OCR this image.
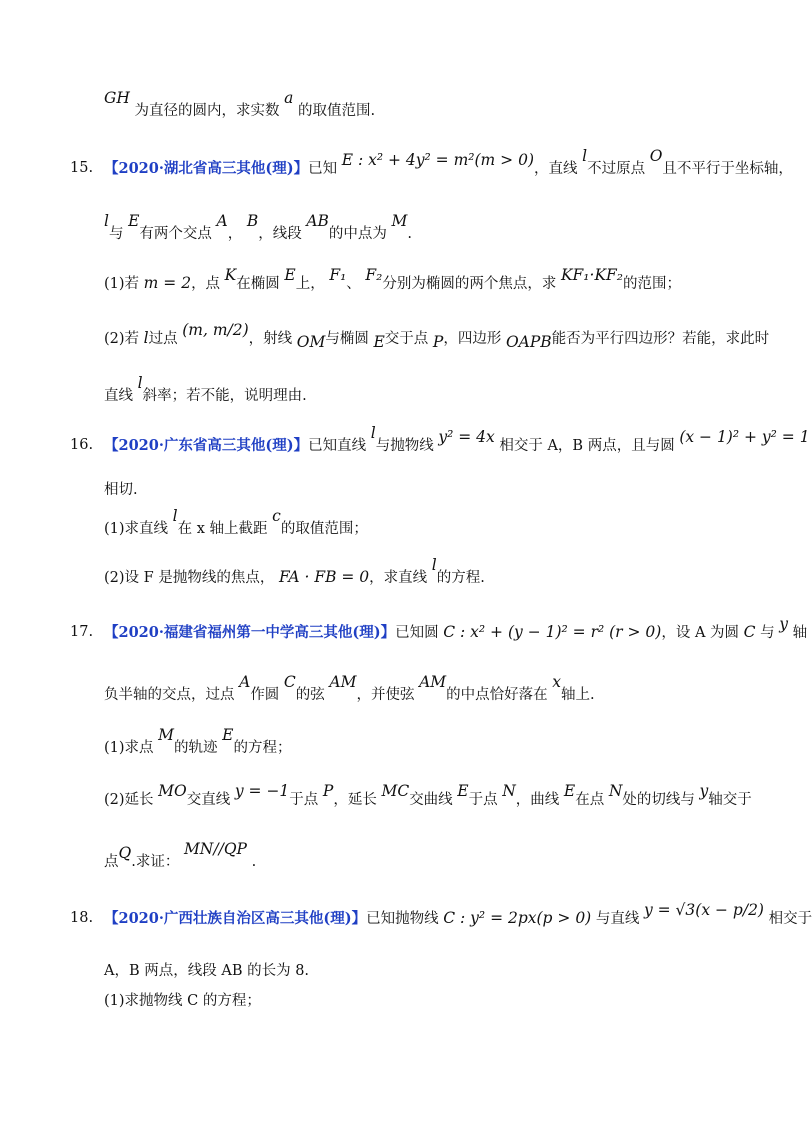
GH 为直径的圆内，求实数 a 的取值范围.
15. 【2020·湖北省高三其他(理)】已知 E : x² + 4y² = m²(m > 0)，直线 l不过原点 O且不平行于坐标轴，
l与 E有两个交点 A， B，线段 AB的中点为 M.
(1)若 m = 2，点 K在椭圆 E上， F₁、 F₂分别为椭圆的两个焦点，求 KF₁·KF₂的范围；
(2)若 l过点 (m, m/2)，射线 OM与椭圆 E交于点 P，四边形 OAPB能否为平行四边形？若能，求此时
直线 l斜率；若不能，说明理由.
16. 【2020·广东省高三其他(理)】已知直线 l与抛物线 y² = 4x 相交于 A，B 两点，且与圆 (x − 1)² + y² = 1
相切.
(1)求直线 l在 x 轴上截距 c的取值范围；
(2)设 F 是抛物线的焦点， FA · FB = 0，求直线 l的方程.
17. 【2020·福建省福州第一中学高三其他(理)】已知圆 C : x² + (y − 1)² = r² (r > 0)，设 A 为圆 C 与 y 轴
负半轴的交点，过点 A作圆 C的弦 AM，并使弦 AM的中点恰好落在 x轴上.
(1)求点 M的轨迹 E的方程；
(2)延长 MO交直线 y = −1于点 P，延长 MC交曲线 E于点 N，曲线 E在点 N处的切线与 y轴交于
点Q.求证： MN//QP .
18. 【2020·广西壮族自治区高三其他(理)】已知抛物线 C : y² = 2px(p > 0) 与直线 y = √3(x − p/2) 相交于
A，B 两点，线段 AB 的长为 8.
(1)求抛物线 C 的方程；
